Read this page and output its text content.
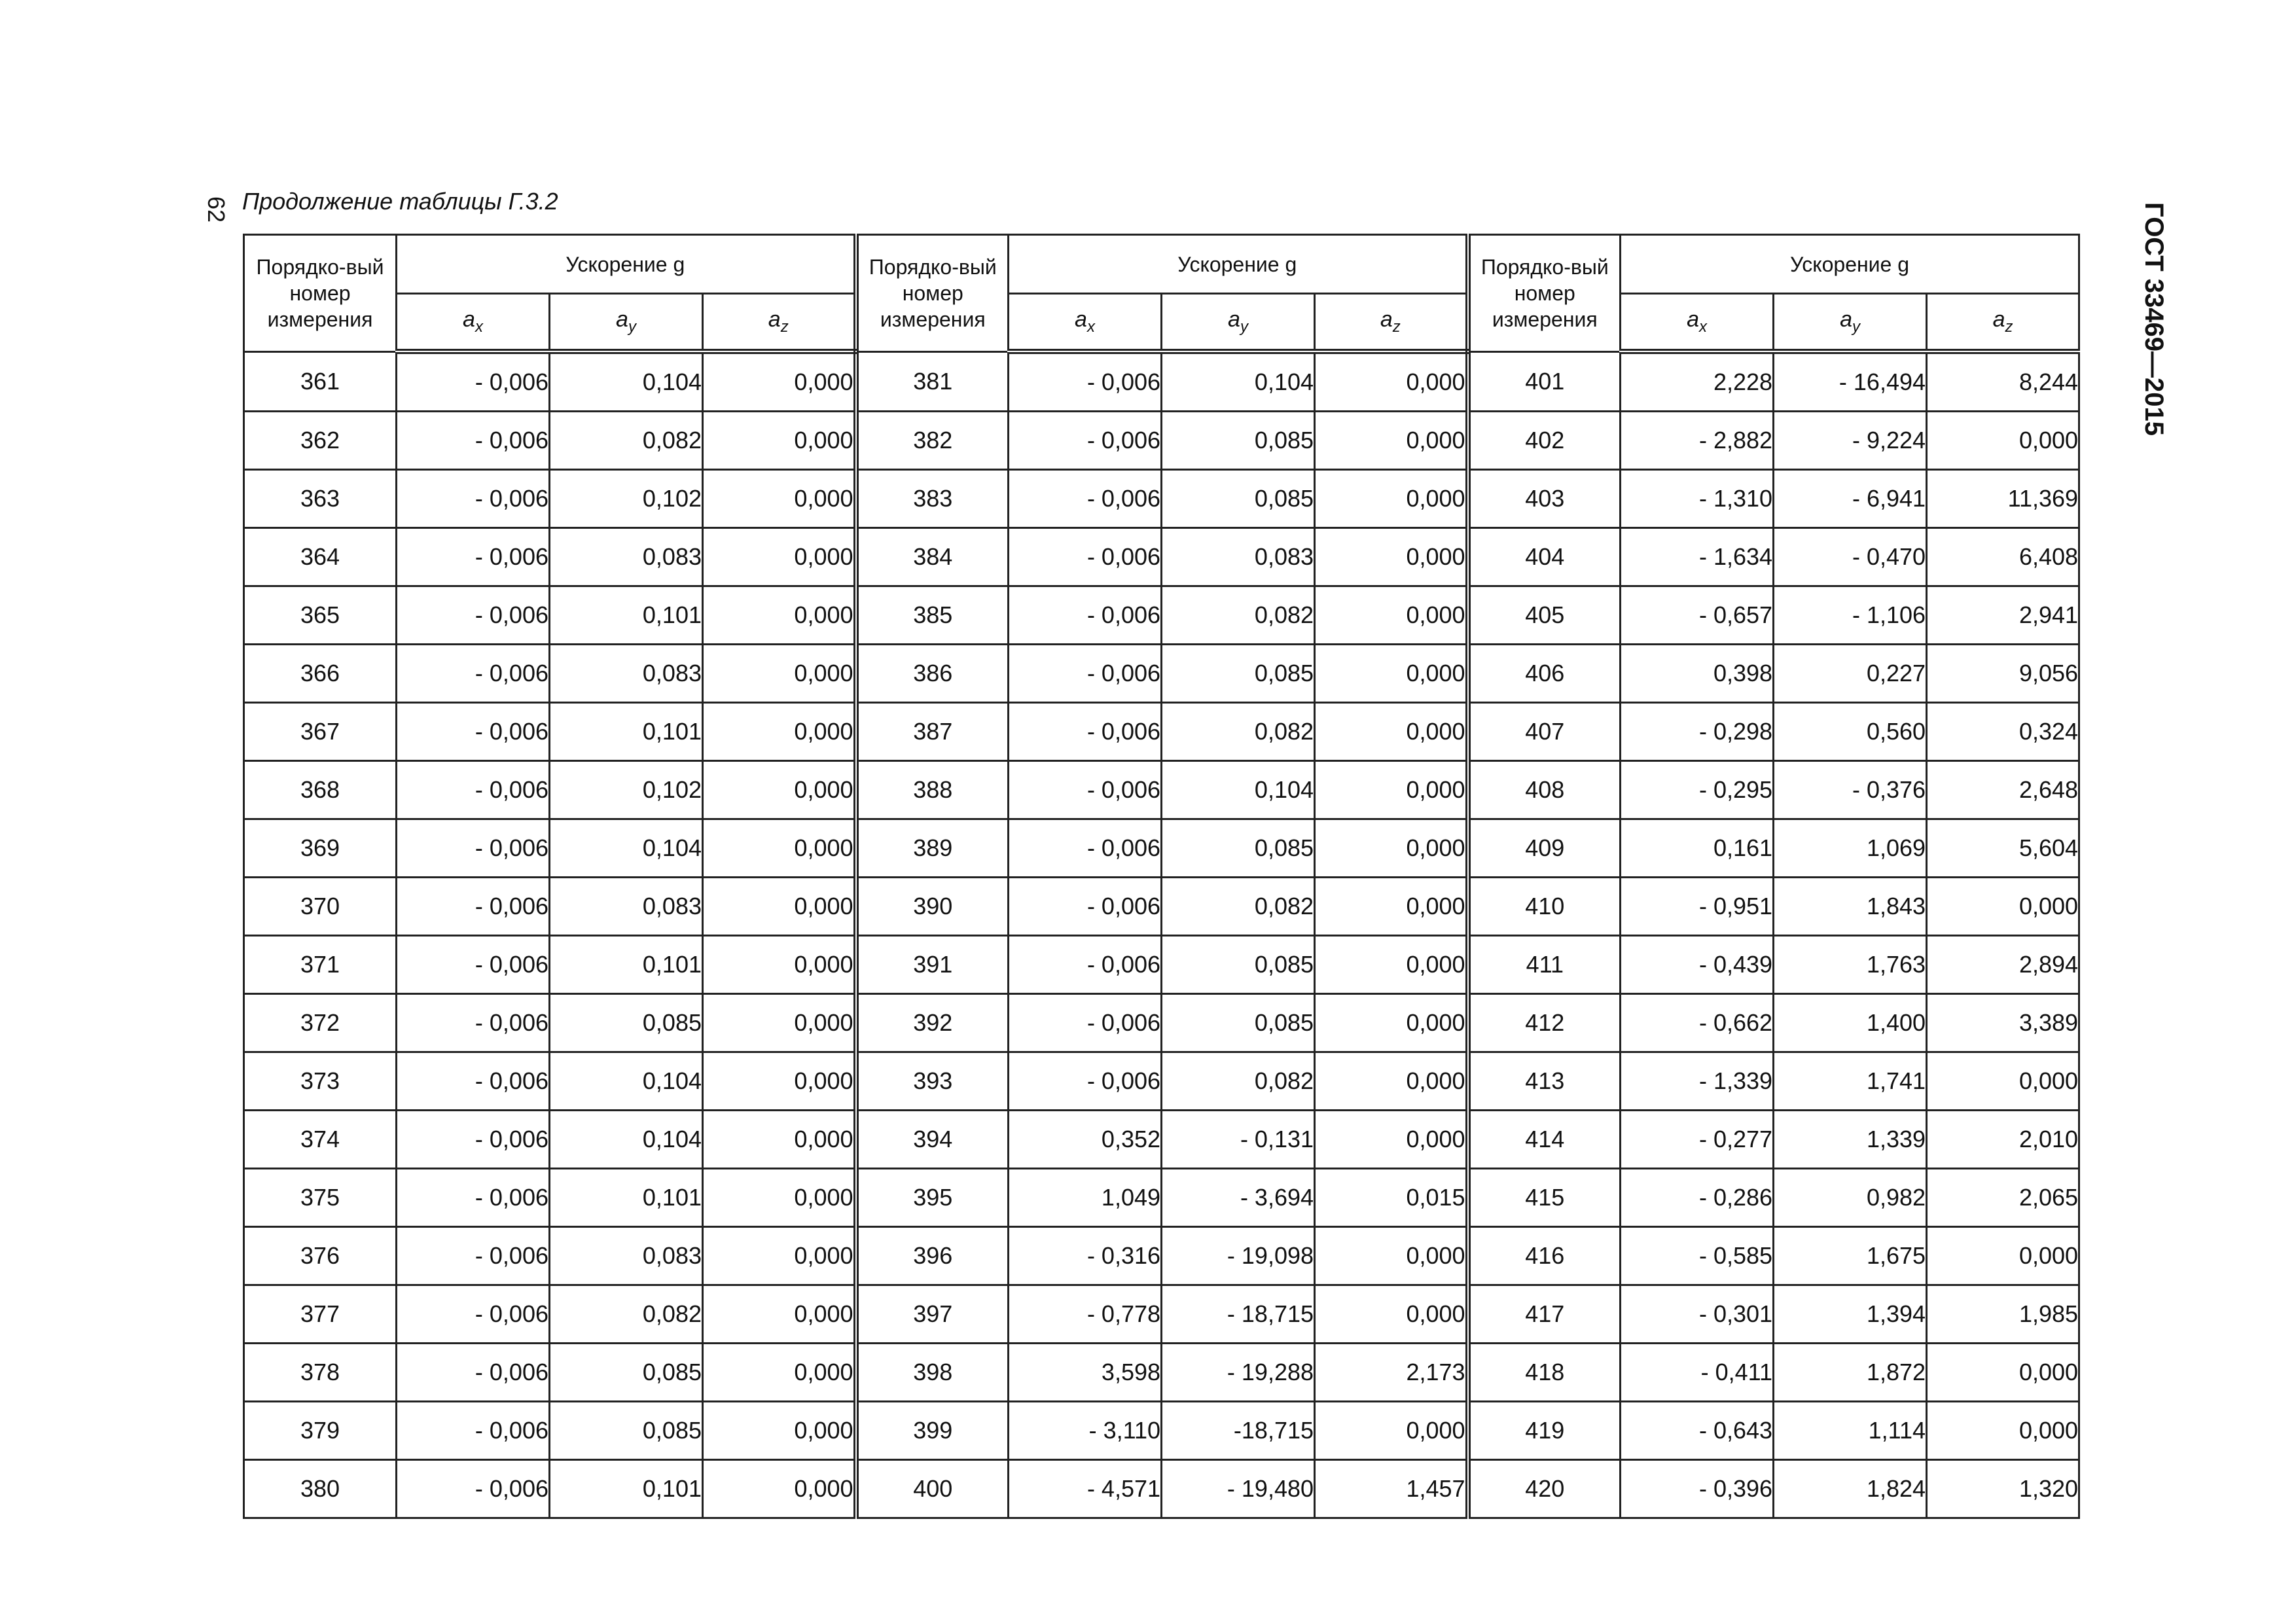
62 Продолжение таблицы Г.3.2
ГОСТ 33469—2015
Порядко-вый номер измерения	Ускорение g			Порядко-вый номер измерения	Ускорение g			Порядко-вый номер измерения	Ускорение g		
	$a_x$	$a_y$	$a_z$		$a_x$	$a_y$	$a_z$		$a_x$	$a_y$	$a_z$
361	- 0,006	0,104	0,000	381	- 0,006	0,104	0,000	401	2,228	- 16,494	8,244
362	- 0,006	0,082	0,000	382	- 0,006	0,085	0,000	402	- 2,882	- 9,224	0,000
363	- 0,006	0,102	0,000	383	- 0,006	0,085	0,000	403	- 1,310	- 6,941	11,369
364	- 0,006	0,083	0,000	384	- 0,006	0,083	0,000	404	- 1,634	- 0,470	6,408
365	- 0,006	0,101	0,000	385	- 0,006	0,082	0,000	405	- 0,657	- 1,106	2,941
366	- 0,006	0,083	0,000	386	- 0,006	0,085	0,000	406	0,398	0,227	9,056
367	- 0,006	0,101	0,000	387	- 0,006	0,082	0,000	407	- 0,298	0,560	0,324
368	- 0,006	0,102	0,000	388	- 0,006	0,104	0,000	408	- 0,295	- 0,376	2,648
369	- 0,006	0,104	0,000	389	- 0,006	0,085	0,000	409	0,161	1,069	5,604
370	- 0,006	0,083	0,000	390	- 0,006	0,082	0,000	410	- 0,951	1,843	0,000
371	- 0,006	0,101	0,000	391	- 0,006	0,085	0,000	411	- 0,439	1,763	2,894
372	- 0,006	0,085	0,000	392	- 0,006	0,085	0,000	412	- 0,662	1,400	3,389
373	- 0,006	0,104	0,000	393	- 0,006	0,082	0,000	413	- 1,339	1,741	0,000
374	- 0,006	0,104	0,000	394	0,352	- 0,131	0,000	414	- 0,277	1,339	2,010
375	- 0,006	0,101	0,000	395	1,049	- 3,694	0,015	415	- 0,286	0,982	2,065
376	- 0,006	0,083	0,000	396	- 0,316	- 19,098	0,000	416	- 0,585	1,675	0,000
377	- 0,006	0,082	0,000	397	- 0,778	- 18,715	0,000	417	- 0,301	1,394	1,985
378	- 0,006	0,085	0,000	398	3,598	- 19,288	2,173	418	- 0,411	1,872	0,000
379	- 0,006	0,085	0,000	399	- 3,110	-18,715	0,000	419	- 0,643	1,114	0,000
380	- 0,006	0,101	0,000	400	- 4,571	- 19,480	1,457	420	- 0,396	1,824	1,320
